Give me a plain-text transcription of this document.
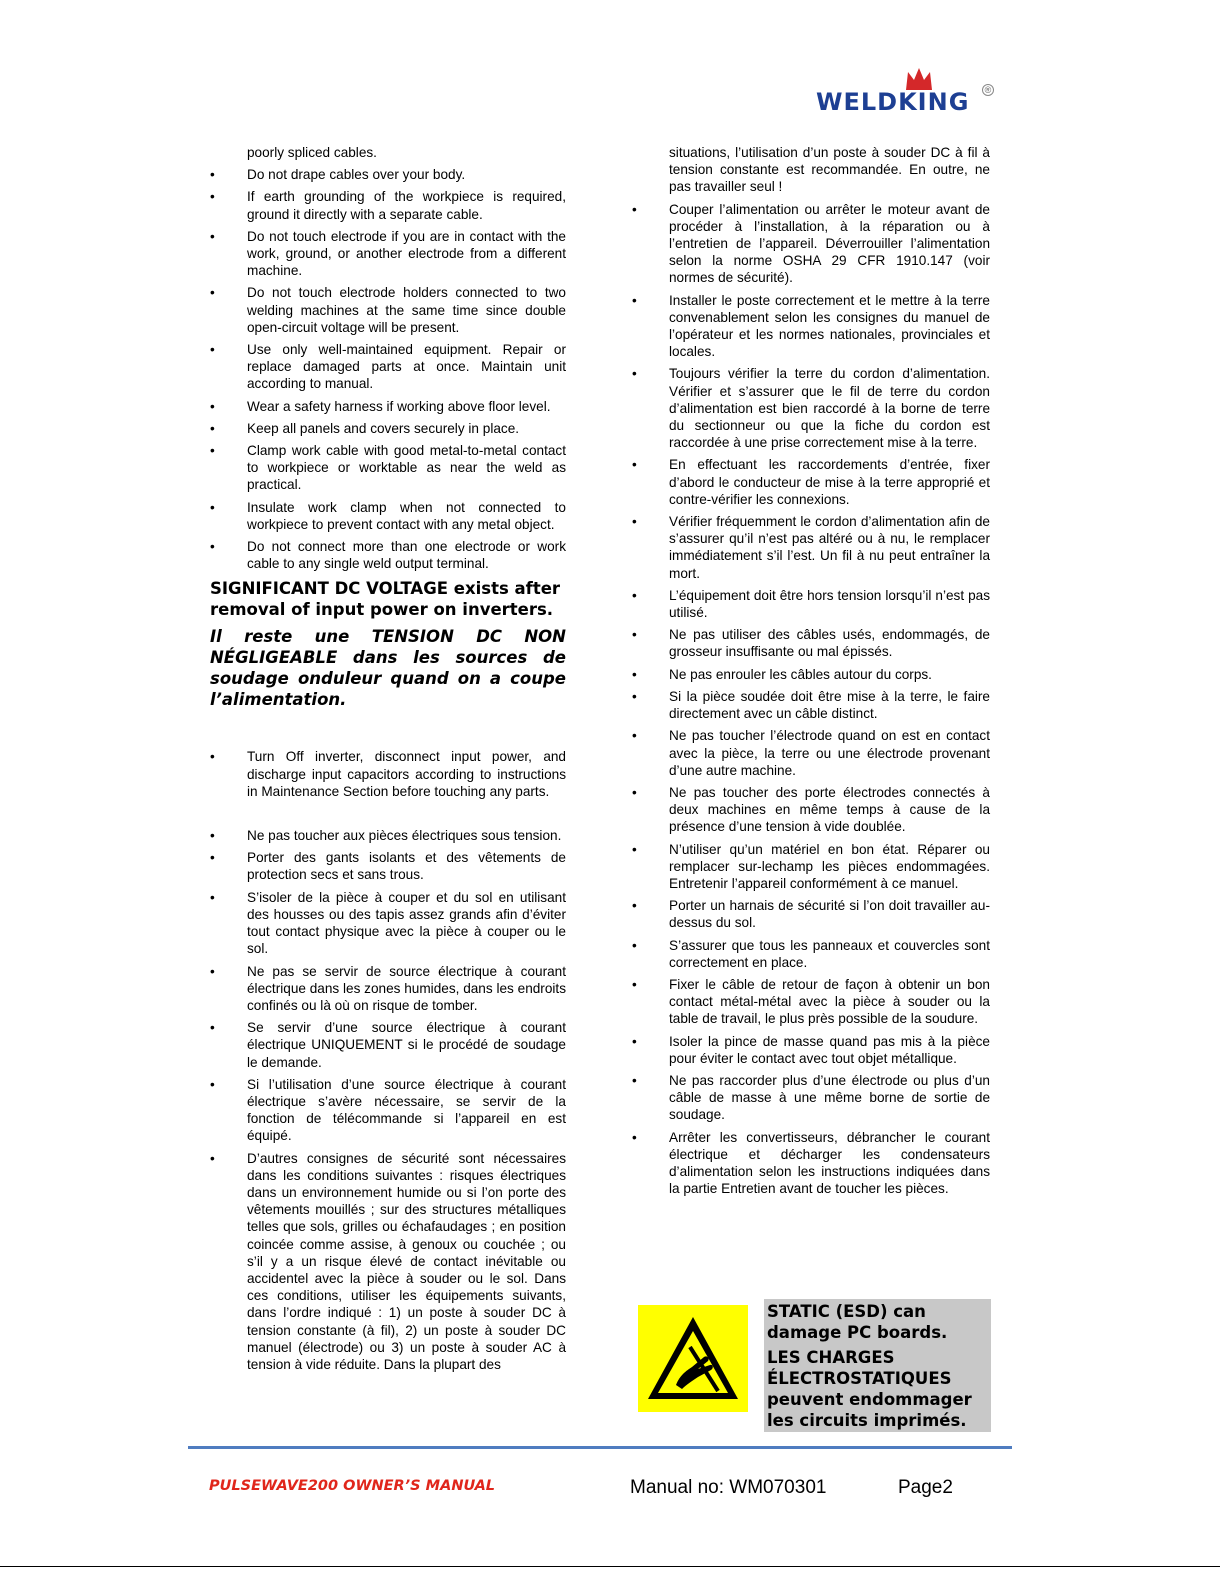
WELDKING ®
poorly spliced cables.
• Do not drape cables over your body.
• If earth grounding of the workpiece is required, ground it directly with a separate cable.
• Do not touch electrode if you are in contact with the work, ground, or another electrode from a different machine.
• Do not touch electrode holders connected to two welding machines at the same time since double open-circuit voltage will be present.
• Use only well-maintained equipment. Repair or replace damaged parts at once. Maintain unit according to manual.
• Wear a safety harness if working above floor level.
• Keep all panels and covers securely in place.
• Clamp work cable with good metal-to-metal contact to workpiece or worktable as near the weld as practical.
• Insulate work clamp when not connected to workpiece to prevent contact with any metal object.
• Do not connect more than one electrode or work cable to any single weld output terminal.
SIGNIFICANT DC VOLTAGE exists after removal of input power on inverters.
Il reste une TENSION DC NON NÉGLIGEABLE dans les sources de soudage onduleur quand on a coupe l’alimentation.
• Turn Off inverter, disconnect input power, and discharge input capacitors according to instructions in Maintenance Section before touching any parts.
• Ne pas toucher aux pièces électriques sous tension.
• Porter des gants isolants et des vêtements de protection secs et sans trous.
• S’isoler de la pièce à couper et du sol en utilisant des housses ou des tapis assez grands afin d’éviter tout contact physique avec la pièce à couper ou le sol.
• Ne pas se servir de source électrique à courant électrique dans les zones humides, dans les endroits confinés ou là où on risque de tomber.
• Se servir d’une source électrique à courant électrique UNIQUEMENT si le procédé de soudage le demande.
• Si l’utilisation d’une source électrique à courant électrique s’avère nécessaire, se servir de la fonction de télécommande si l’appareil en est équipé.
• D’autres consignes de sécurité sont nécessaires dans les conditions suivantes : risques électriques dans un environnement humide ou si l’on porte des vêtements mouillés ; sur des structures métalliques telles que sols, grilles ou échafaudages ; en position coincée comme assise, à genoux ou couchée ; ou s’il y a un risque élevé de contact inévitable ou accidentel avec la pièce à souder ou le sol. Dans ces conditions, utiliser les équipements suivants, dans l’ordre indiqué : 1) un poste à souder DC à tension constante (à fil), 2) un poste à souder DC manuel (électrode) ou 3) un poste à souder AC à tension à vide réduite. Dans la plupart des
situations, l’utilisation d’un poste à souder DC à fil à tension constante est recommandée. En outre, ne pas travailler seul !
• Couper l’alimentation ou arrêter le moteur avant de procéder à l’installation, à la réparation ou à l’entretien de l’appareil. Déverrouiller l’alimentation selon la norme OSHA 29 CFR 1910.147 (voir normes de sécurité).
• Installer le poste correctement et le mettre à la terre convenablement selon les consignes du manuel de l’opérateur et les normes nationales, provinciales et locales.
• Toujours vérifier la terre du cordon d’alimentation. Vérifier et s’assurer que le fil de terre du cordon d’alimentation est bien raccordé à la borne de terre du sectionneur ou que la fiche du cordon est raccordée à une prise correctement mise à la terre.
• En effectuant les raccordements d’entrée, fixer d’abord le conducteur de mise à la terre approprié et contre-vérifier les connexions.
• Vérifier fréquemment le cordon d’alimentation afin de s’assurer qu’il n’est pas altéré ou à nu, le remplacer immédiatement s’il l’est. Un fil à nu peut entraîner la mort.
• L’équipement doit être hors tension lorsqu’il n’est pas utilisé.
• Ne pas utiliser des câbles usés, endommagés, de grosseur insuffisante ou mal épissés.
• Ne pas enrouler les câbles autour du corps.
• Si la pièce soudée doit être mise à la terre, le faire directement avec un câble distinct.
• Ne pas toucher l’électrode quand on est en contact avec la pièce, la terre ou une électrode provenant d’une autre machine.
• Ne pas toucher des porte électrodes connectés à deux machines en même temps à cause de la présence d’une tension à vide doublée.
• N’utiliser qu’un matériel en bon état. Réparer ou remplacer sur-lechamp les pièces endommagées. Entretenir l’appareil conformément à ce manuel.
• Porter un harnais de sécurité si l’on doit travailler au-dessus du sol.
• S’assurer que tous les panneaux et couvercles sont correctement en place.
• Fixer le câble de retour de façon à obtenir un bon contact métal-métal avec la pièce à souder ou la table de travail, le plus près possible de la soudure.
• Isoler la pince de masse quand pas mis à la pièce pour éviter le contact avec tout objet métallique.
• Ne pas raccorder plus d’une électrode ou plus d’un câble de masse à une même borne de sortie de soudage.
• Arrêter les convertisseurs, débrancher le courant électrique et décharger les condensateurs d’alimentation selon les instructions indiquées dans la partie Entretien avant de toucher les pièces.

STATIC (ESD) can damage PC boards.

LES CHARGES ÉLECTROSTATIQUES peuvent endommager les circuits imprimés.

PULSEWAVE200 OWNER’S MANUAL	Manual no: WM070301	Page2
